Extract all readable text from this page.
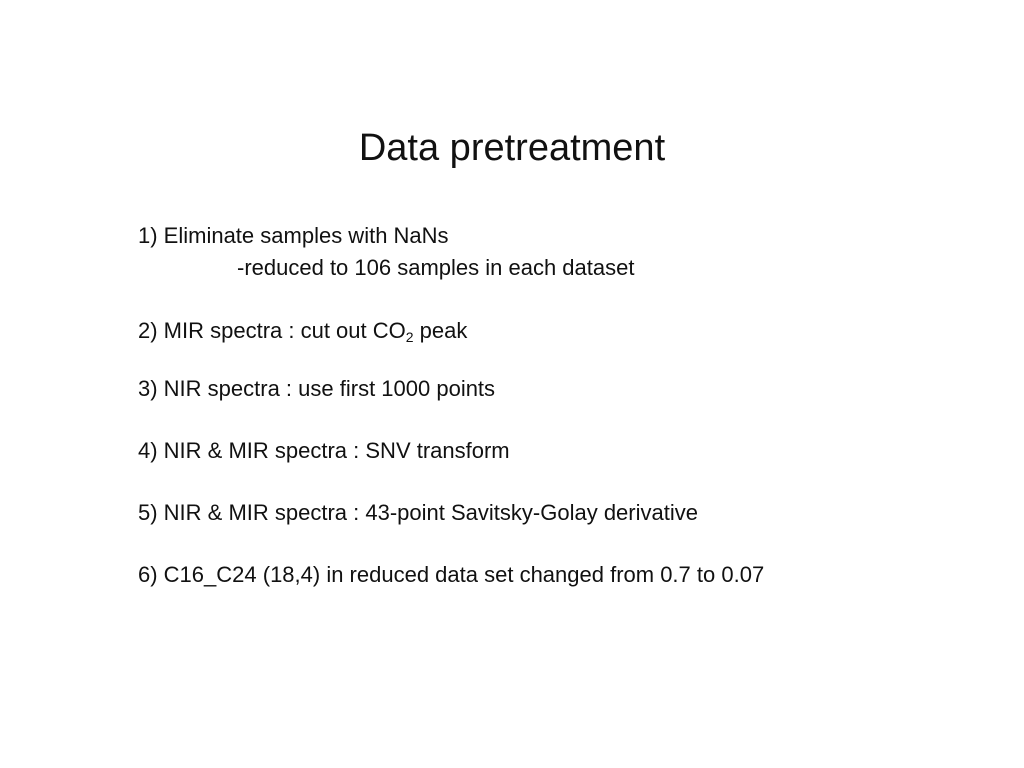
Data pretreatment
1) Eliminate samples with NaNs
-reduced to 106 samples in each dataset
2) MIR spectra : cut out $CO_2$ peak
3) NIR spectra : use first 1000 points
4) NIR & MIR spectra : SNV transform
5) NIR & MIR spectra : 43-point Savitsky-Golay derivative
6) C16_C24 (18,4) in reduced data set changed from 0.7 to 0.07
